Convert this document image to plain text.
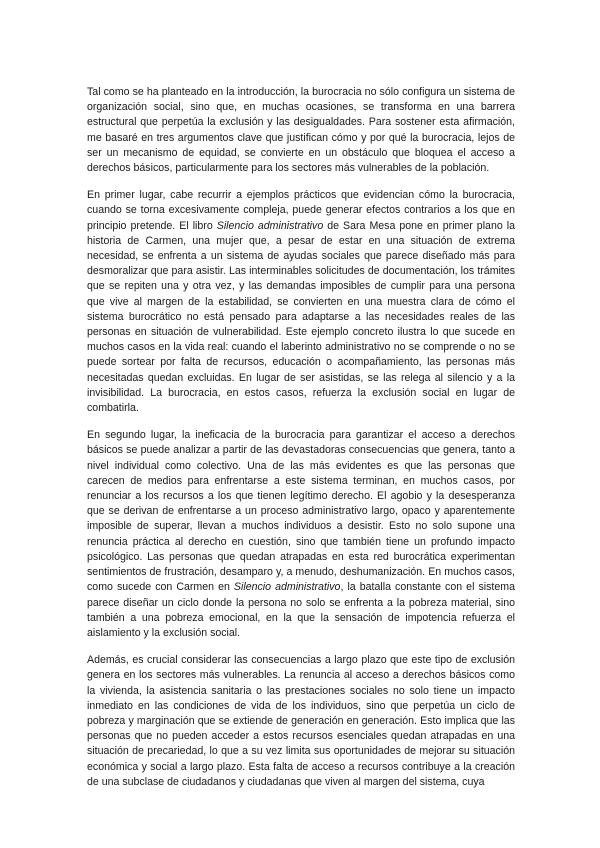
Tal como se ha planteado en la introducción, la burocracia no sólo configura un sistema de organización social, sino que, en muchas ocasiones, se transforma en una barrera estructural que perpetúa la exclusión y las desigualdades. Para sostener esta afirmación, me basaré en tres argumentos clave que justifican cómo y por qué la burocracia, lejos de ser un mecanismo de equidad, se convierte en un obstáculo que bloquea el acceso a derechos básicos, particularmente para los sectores más vulnerables de la población.

En primer lugar, cabe recurrir a ejemplos prácticos que evidencian cómo la burocracia, cuando se torna excesivamente compleja, puede generar efectos contrarios a los que en principio pretende. El libro Silencio administrativo de Sara Mesa pone en primer plano la historia de Carmen, una mujer que, a pesar de estar en una situación de extrema necesidad, se enfrenta a un sistema de ayudas sociales que parece diseñado más para desmoralizar que para asistir. Las interminables solicitudes de documentación, los trámites que se repiten una y otra vez, y las demandas imposibles de cumplir para una persona que vive al margen de la estabilidad, se convierten en una muestra clara de cómo el sistema burocrático no está pensado para adaptarse a las necesidades reales de las personas en situación de vulnerabilidad. Este ejemplo concreto ilustra lo que sucede en muchos casos en la vida real: cuando el laberinto administrativo no se comprende o no se puede sortear por falta de recursos, educación o acompañamiento, las personas más necesitadas quedan excluidas. En lugar de ser asistidas, se las relega al silencio y a la invisibilidad. La burocracia, en estos casos, refuerza la exclusión social en lugar de combatirla.

En segundo lugar, la ineficacia de la burocracia para garantizar el acceso a derechos básicos se puede analizar a partir de las devastadoras consecuencias que genera, tanto a nivel individual como colectivo. Una de las más evidentes es que las personas que carecen de medios para enfrentarse a este sistema terminan, en muchos casos, por renunciar a los recursos a los que tienen legítimo derecho. El agobio y la desesperanza que se derivan de enfrentarse a un proceso administrativo largo, opaco y aparentemente imposible de superar, llevan a muchos individuos a desistir. Esto no solo supone una renuncia práctica al derecho en cuestión, sino que también tiene un profundo impacto psicológico. Las personas que quedan atrapadas en esta red burocrática experimentan sentimientos de frustración, desamparo y, a menudo, deshumanización. En muchos casos, como sucede con Carmen en Silencio administrativo, la batalla constante con el sistema parece diseñar un ciclo donde la persona no solo se enfrenta a la pobreza material, sino también a una pobreza emocional, en la que la sensación de impotencia refuerza el aislamiento y la exclusión social.

Además, es crucial considerar las consecuencias a largo plazo que este tipo de exclusión genera en los sectores más vulnerables. La renuncia al acceso a derechos básicos como la vivienda, la asistencia sanitaria o las prestaciones sociales no solo tiene un impacto inmediato en las condiciones de vida de los individuos, sino que perpetúa un ciclo de pobreza y marginación que se extiende de generación en generación. Esto implica que las personas que no pueden acceder a estos recursos esenciales quedan atrapadas en una situación de precariedad, lo que a su vez limita sus oportunidades de mejorar su situación económica y social a largo plazo. Esta falta de acceso a recursos contribuye a la creación de una subclase de ciudadanos y ciudadanas que viven al margen del sistema, cuya
